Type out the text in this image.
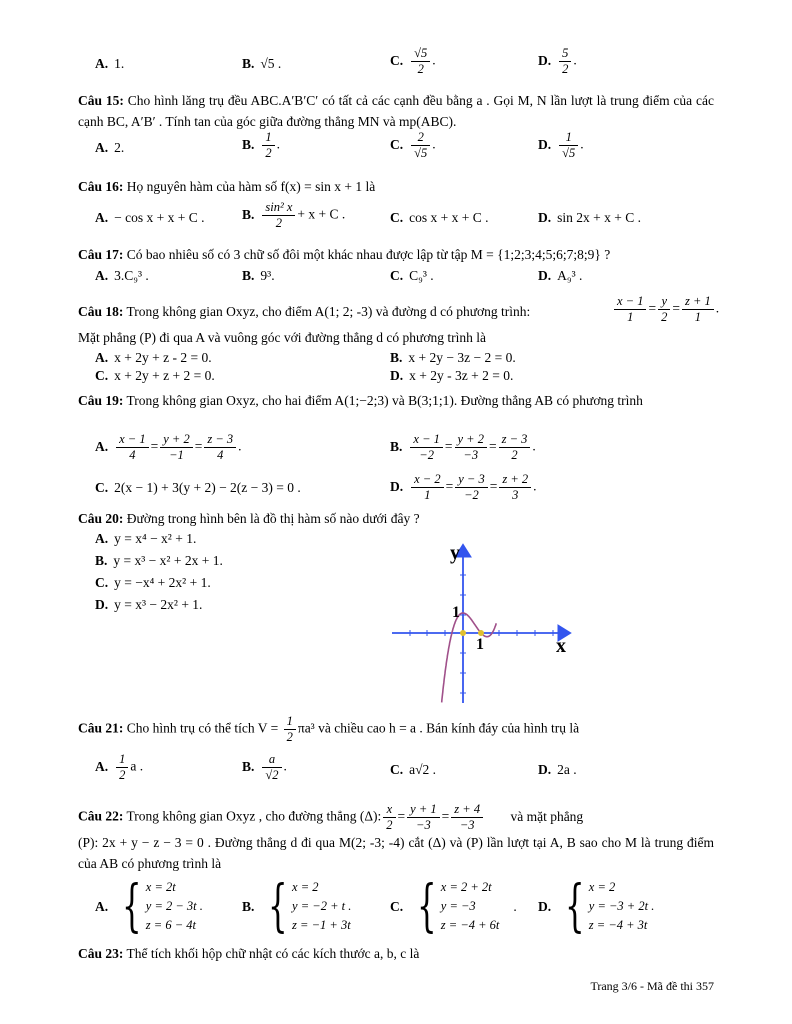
A. 1.	B. √5 .	C. $\frac{√5}{2}$ .	D. $\frac{5}{2}$ .
Câu 15: Cho hình lăng trụ đều ABC.A′B′C′ có tất cả các cạnh đều bằng a . Gọi M, N lần lượt là trung điểm của các cạnh BC, A′B′ . Tính tan của góc giữa đường thẳng MN và mp(ABC).
A. 2.	B. $\frac{1}{2}$ .	C. $\frac{2}{√5}$ .	D. $\frac{1}{√5}$ .
Câu 16: Họ nguyên hàm của hàm số f(x) = sin x + 1 là
A. − cos x + x + C .	B. $\frac{\text{sin² x}}{2} + x + C$ .	C. cos x + x + C .	D. sin 2x + x + C .
Câu 17: Có bao nhiêu số có 3 chữ số đôi một khác nhau được lập từ tập M = {1;2;3;4;5;6;7;8;9} ?
A. 3.C₉³ .	B. 9³.	C. C₉³ .	D. A₉³ .
Câu 18: Trong không gian Oxyz, cho điểm A(1; 2; -3) và đường d có phương trình:	$\frac{x - 1}{1} = \frac{y}{2} = \frac{z + 1}{1}$ .
Mặt phẳng (P) đi qua A và vuông góc với đường thẳng d có phương trình là
A. x + 2y + z - 2 = 0.	B. x + 2y − 3z − 2 = 0.
C. x + 2y + z + 2 = 0.	D. x + 2y - 3z + 2 = 0.
Câu 19: Trong không gian Oxyz, cho hai điểm A(1;−2;3) và B(3;1;1). Đường thẳng AB có phương trình
A. $\frac{x - 1}{4} = \frac{y + 2}{-1} = \frac{z - 3}{4}$ .	B. $\frac{x - 1}{-2} = \frac{y + 2}{-3} = \frac{z - 3}{2}$ .
C. 2(x − 1) + 3(y + 2) − 2(z − 3) = 0 .	D. $\frac{x - 2}{1} = \frac{y - 3}{-2} = \frac{z + 2}{3}$ .
Câu 20: Đường trong hình bên là đồ thị hàm số nào dưới đây ?
A. y = x⁴ − x² + 1.
B. y = x³ − x² + 2x + 1.
C. y = −x⁴ + 2x² + 1.
D. y = x³ − 2x² + 1.
y
x
1
1
Câu 21: Cho hình trụ có thể tích $V = \frac{1}{2} \pi a^3$ và chiều cao h = a . Bán kính đáy của hình trụ là
A. $\frac{1}{2}$ a .	B. $\frac{a}{√2}$ .	C. a√2 .	D. 2a .
Câu 22: Trong không gian Oxyz , cho đường thẳng (Δ): $\frac{x}{2} = \frac{y + 1}{-3} = \frac{z + 4}{-3}$ và mặt phẳng
(P): 2x + y − z − 3 = 0 . Đường thẳng d đi qua M(2; -3; -4) cắt (Δ) và (P) lần lượt tại A, B sao cho M là trung điểm của AB có phương trình là
A. { x = 2t
y = 2 − 3t .
z = 6 − 4t
B. { x = 2
y = −2 + t .
z = −1 + 3t
C. { x = 2 + 2t
y = −3
z = −4 + 6t
. D. { x = 2
y = −3 + 2t .
z = −4 + 3t
Câu 23: Thể tích khối hộp chữ nhật có các kích thước a, b, c là
Trang 3/6 - Mã đề thi 357
